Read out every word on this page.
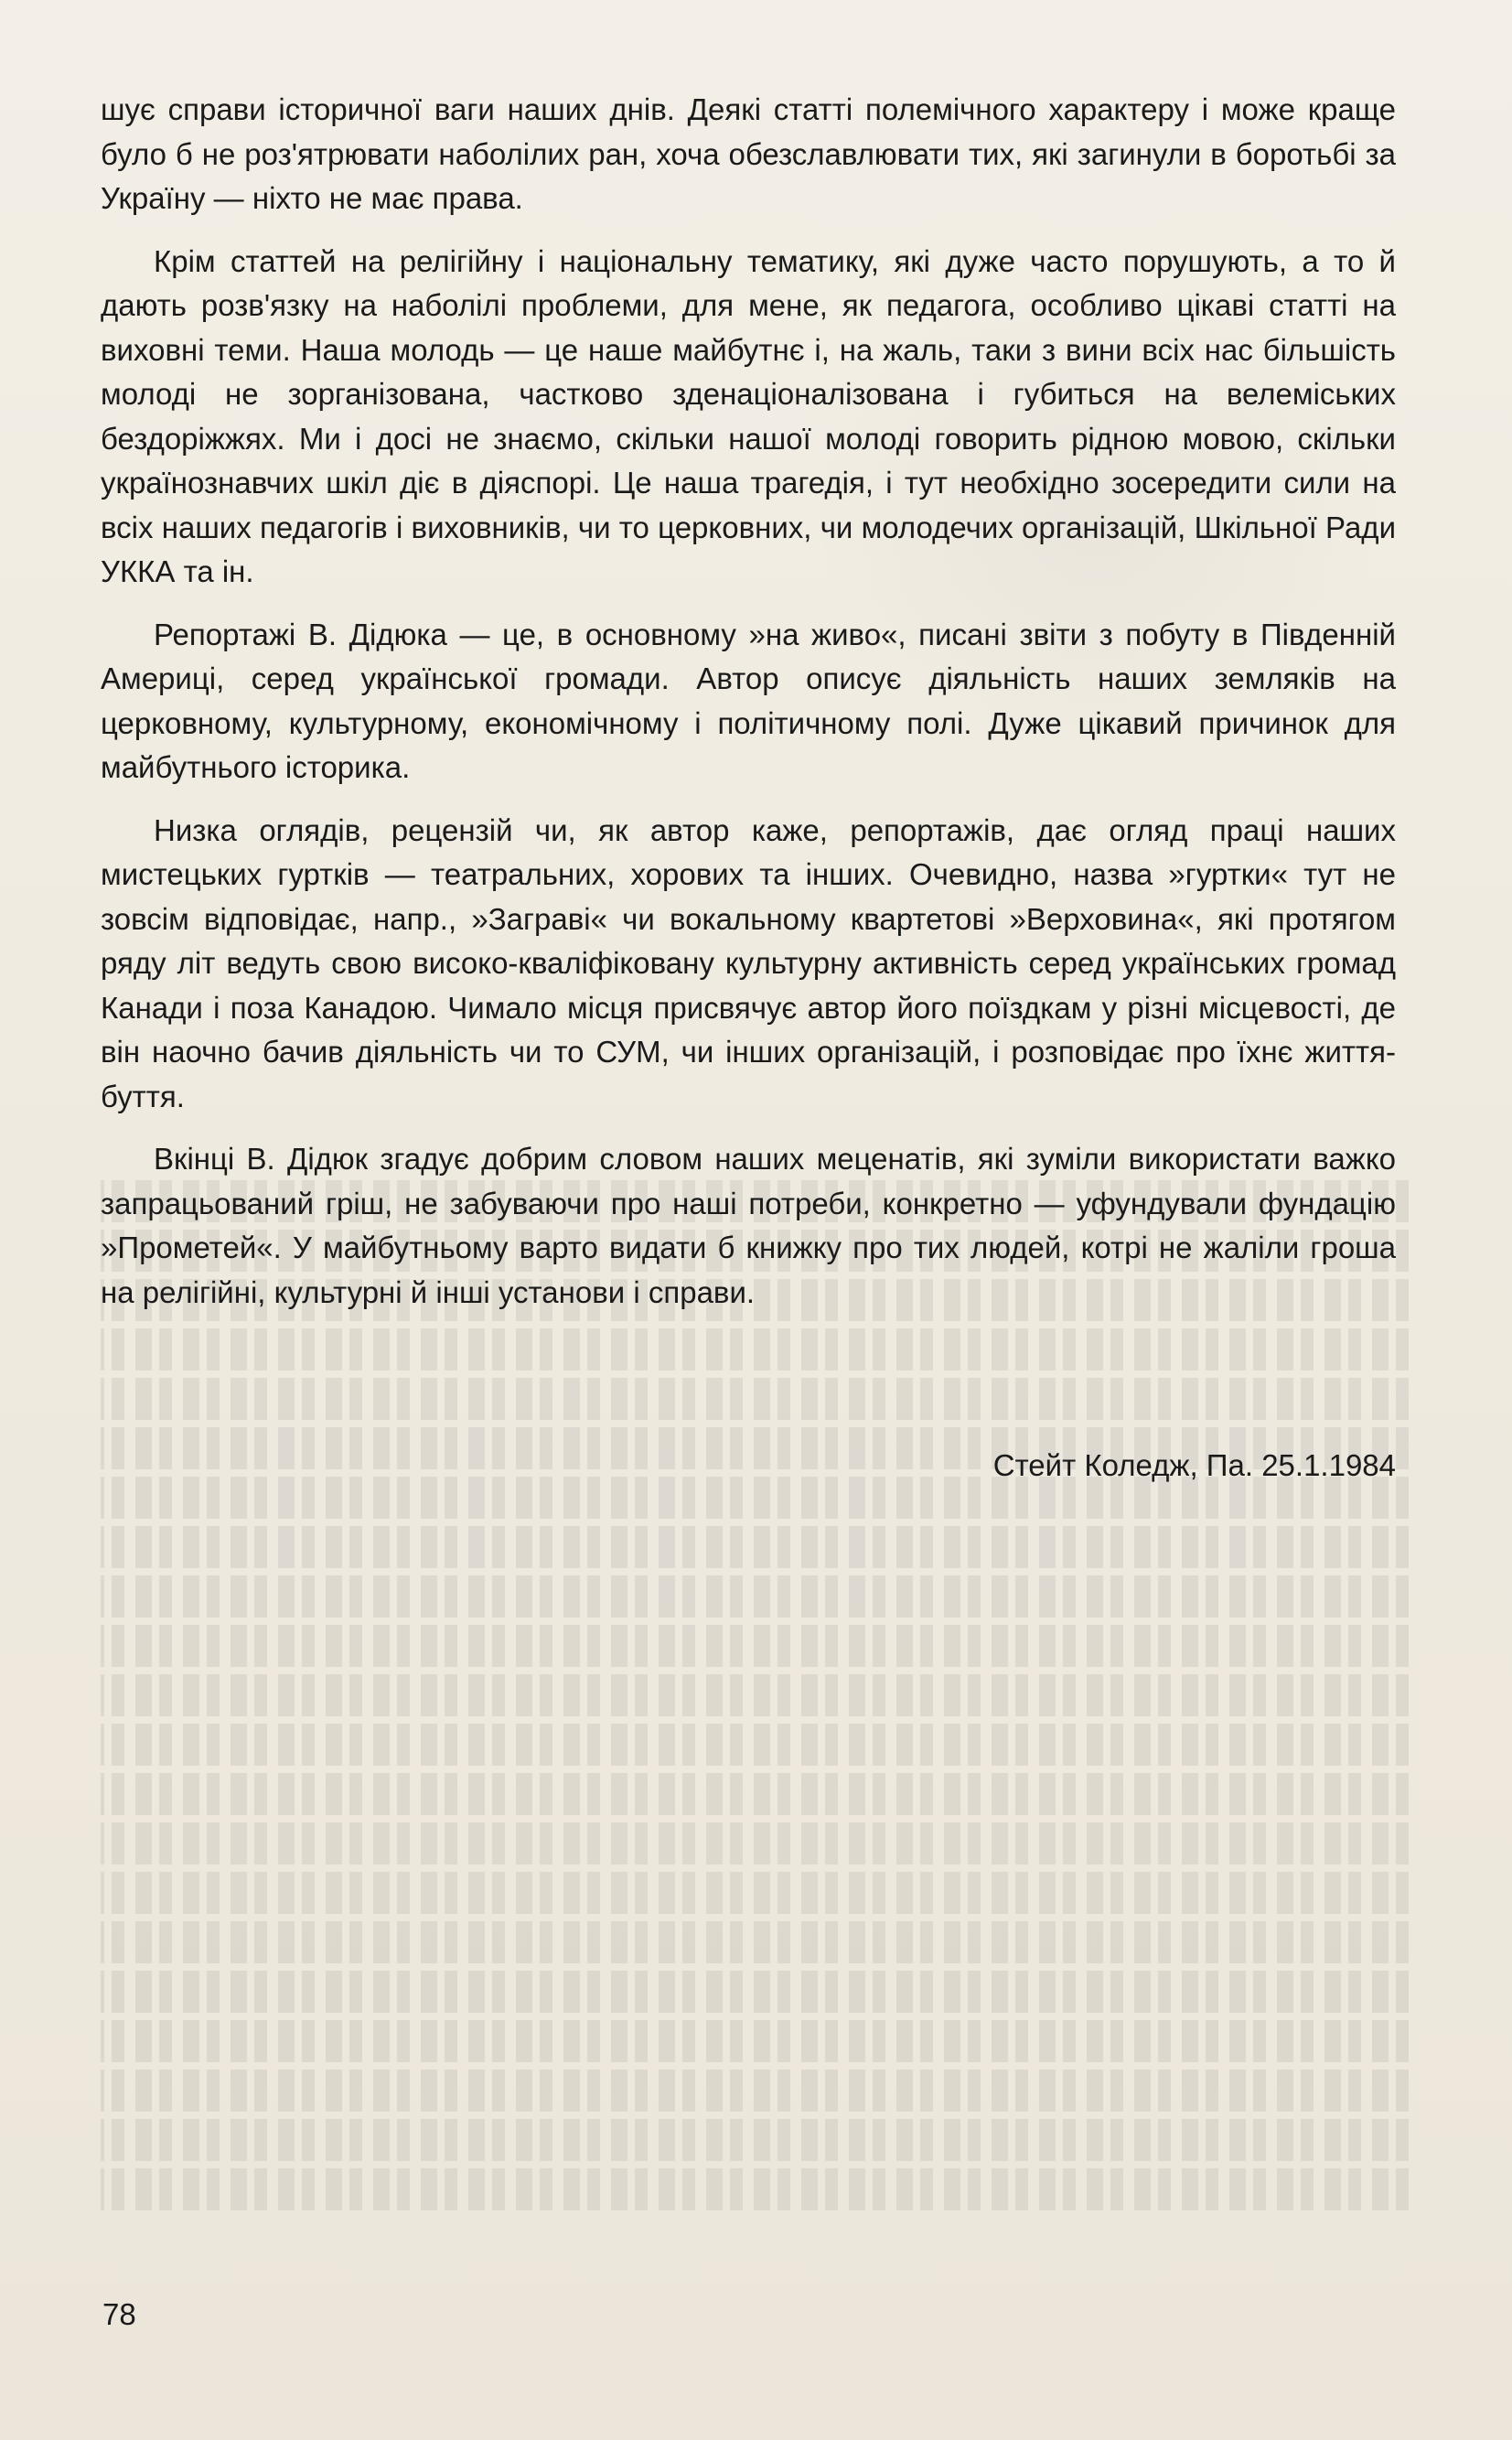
шує справи історичної ваги наших днів. Деякі статті полемічного характеру і може краще було б не роз'ятрювати наболілих ран, хоча обезславлювати тих, які загинули в боротьбі за Україну — ніхто не має права.

Крім статтей на релігійну і національну тематику, які дуже часто порушують, а то й дають розв'язку на наболілі проблеми, для мене, як педагога, особливо цікаві статті на виховні теми. Наша молодь — це наше майбутнє і, на жаль, таки з вини всіх нас більшість молоді не зорганізована, частково зденаціоналізована і губиться на велеміських бездоріжжях. Ми і досі не знаємо, скільки нашої молоді говорить рідною мовою, скільки українознавчих шкіл діє в діяспорі. Це наша трагедія, і тут необхідно зосередити сили на всіх наших педагогів і виховників, чи то церковних, чи молодечих організацій, Шкільної Ради УККА та ін.

Репортажі В. Дідюка — це, в основному »на живо«, писані звіти з побуту в Південній Америці, серед української громади. Автор описує діяльність наших земляків на церковному, культурному, економічному і політичному полі. Дуже цікавий причинок для майбутнього історика.

Низка оглядів, рецензій чи, як автор каже, репортажів, дає огляд праці наших мистецьких гуртків — театральних, хорових та інших. Очевидно, назва »гуртки« тут не зовсім відповідає, напр., »Заграві« чи вокальному квартетові »Верховина«, які протягом ряду літ ведуть свою високо-кваліфіковану культурну активність серед українських громад Канади і поза Канадою. Чимало місця присвячує автор його поїздкам у різні місцевості, де він наочно бачив діяльність чи то СУМ, чи інших організацій, і розповідає про їхнє життя-буття.

Вкінці В. Дідюк згадує добрим словом наших меценатів, які зуміли використати важко запрацьований гріш, не забуваючи про наші потреби, конкретно — уфундували фундацію »Прометей«. У майбутньому варто видати б книжку про тих людей, котрі не жаліли гроша на релігійні, культурні й інші установи і справи.

Стейт Коледж, Па. 25.1.1984
78
